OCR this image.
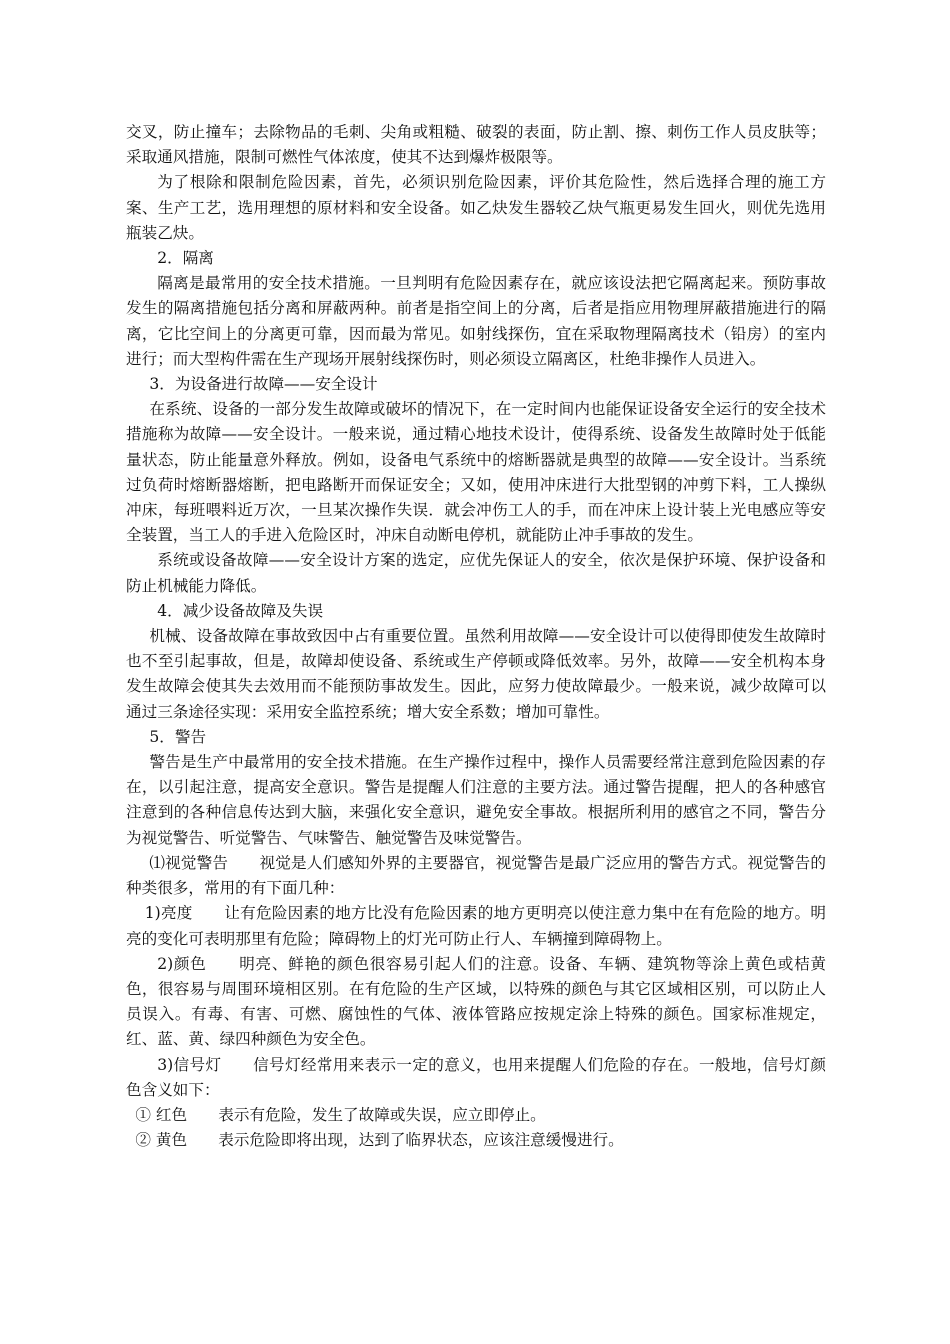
交叉，防止撞车；去除物品的毛刺、尖角或粗糙、破裂的表面，防止割、擦、刺伤工作人员皮肤等；采取通风措施，限制可燃性气体浓度，使其不达到爆炸极限等。

为了根除和限制危险因素，首先，必须识别危险因素，评价其危险性，然后选择合理的施工方案、生产工艺，选用理想的原材料和安全设备。如乙炔发生器较乙炔气瓶更易发生回火，则优先选用瓶装乙炔。

2．隔离

隔离是最常用的安全技术措施。一旦判明有危险因素存在，就应该设法把它隔离起来。预防事故发生的隔离措施包括分离和屏蔽两种。前者是指空间上的分离，后者是指应用物理屏蔽措施进行的隔离，它比空间上的分离更可靠，因而最为常见。如射线探伤，宜在采取物理隔离技术（铅房）的室内进行；而大型构件需在生产现场开展射线探伤时，则必须设立隔离区，杜绝非操作人员进入。

3．为设备进行故障——安全设计

在系统、设备的一部分发生故障或破坏的情况下，在一定时间内也能保证设备安全运行的安全技术措施称为故障——安全设计。一般来说，通过精心地技术设计，使得系统、设备发生故障时处于低能量状态，防止能量意外释放。例如，设备电气系统中的熔断器就是典型的故障——安全设计。当系统过负荷时熔断器熔断，把电路断开而保证安全；又如，使用冲床进行大批型钢的冲剪下料，工人操纵冲床，每班喂料近万次，一旦某次操作失误．就会冲伤工人的手，而在冲床上设计装上光电感应等安全装置，当工人的手进入危险区时，冲床自动断电停机，就能防止冲手事故的发生。

系统或设备故障——安全设计方案的选定，应优先保证人的安全，依次是保护环境、保护设备和防止机械能力降低。

4．减少设备故障及失误

机械、设备故障在事故致因中占有重要位置。虽然利用故障——安全设计可以使得即使发生故障时也不至引起事故，但是，故障却使设备、系统或生产停顿或降低效率。另外，故障——安全机构本身发生故障会使其失去效用而不能预防事故发生。因此，应努力使故障最少。一般来说，减少故障可以通过三条途径实现：采用安全监控系统；增大安全系数；增加可靠性。

5．警告

警告是生产中最常用的安全技术措施。在生产操作过程中，操作人员需要经常注意到危险因素的存在，以引起注意，提高安全意识。警告是提醒人们注意的主要方法。通过警告提醒，把人的各种感官注意到的各种信息传达到大脑，来强化安全意识，避免安全事故。根据所利用的感官之不同，警告分为视觉警告、听觉警告、气味警告、触觉警告及味觉警告。

⑴视觉警告　　视觉是人们感知外界的主要器官，视觉警告是最广泛应用的警告方式。视觉警告的种类很多，常用的有下面几种：

1)亮度　　让有危险因素的地方比没有危险因素的地方更明亮以使注意力集中在有危险的地方。明亮的变化可表明那里有危险；障碍物上的灯光可防止行人、车辆撞到障碍物上。

2)颜色　　明亮、鲜艳的颜色很容易引起人们的注意。设备、车辆、建筑物等涂上黄色或桔黄色，很容易与周围环境相区别。在有危险的生产区域，以特殊的颜色与其它区域相区别，可以防止人员误入。有毒、有害、可燃、腐蚀性的气体、液体管路应按规定涂上特殊的颜色。国家标准规定，红、蓝、黄、绿四种颜色为安全色。

3)信号灯　　信号灯经常用来表示一定的意义，也用来提醒人们危险的存在。一般地，信号灯颜色含义如下：

① 红色　　表示有危险，发生了故障或失误，应立即停止。

② 黄色　　表示危险即将出现，达到了临界状态，应该注意缓慢进行。
